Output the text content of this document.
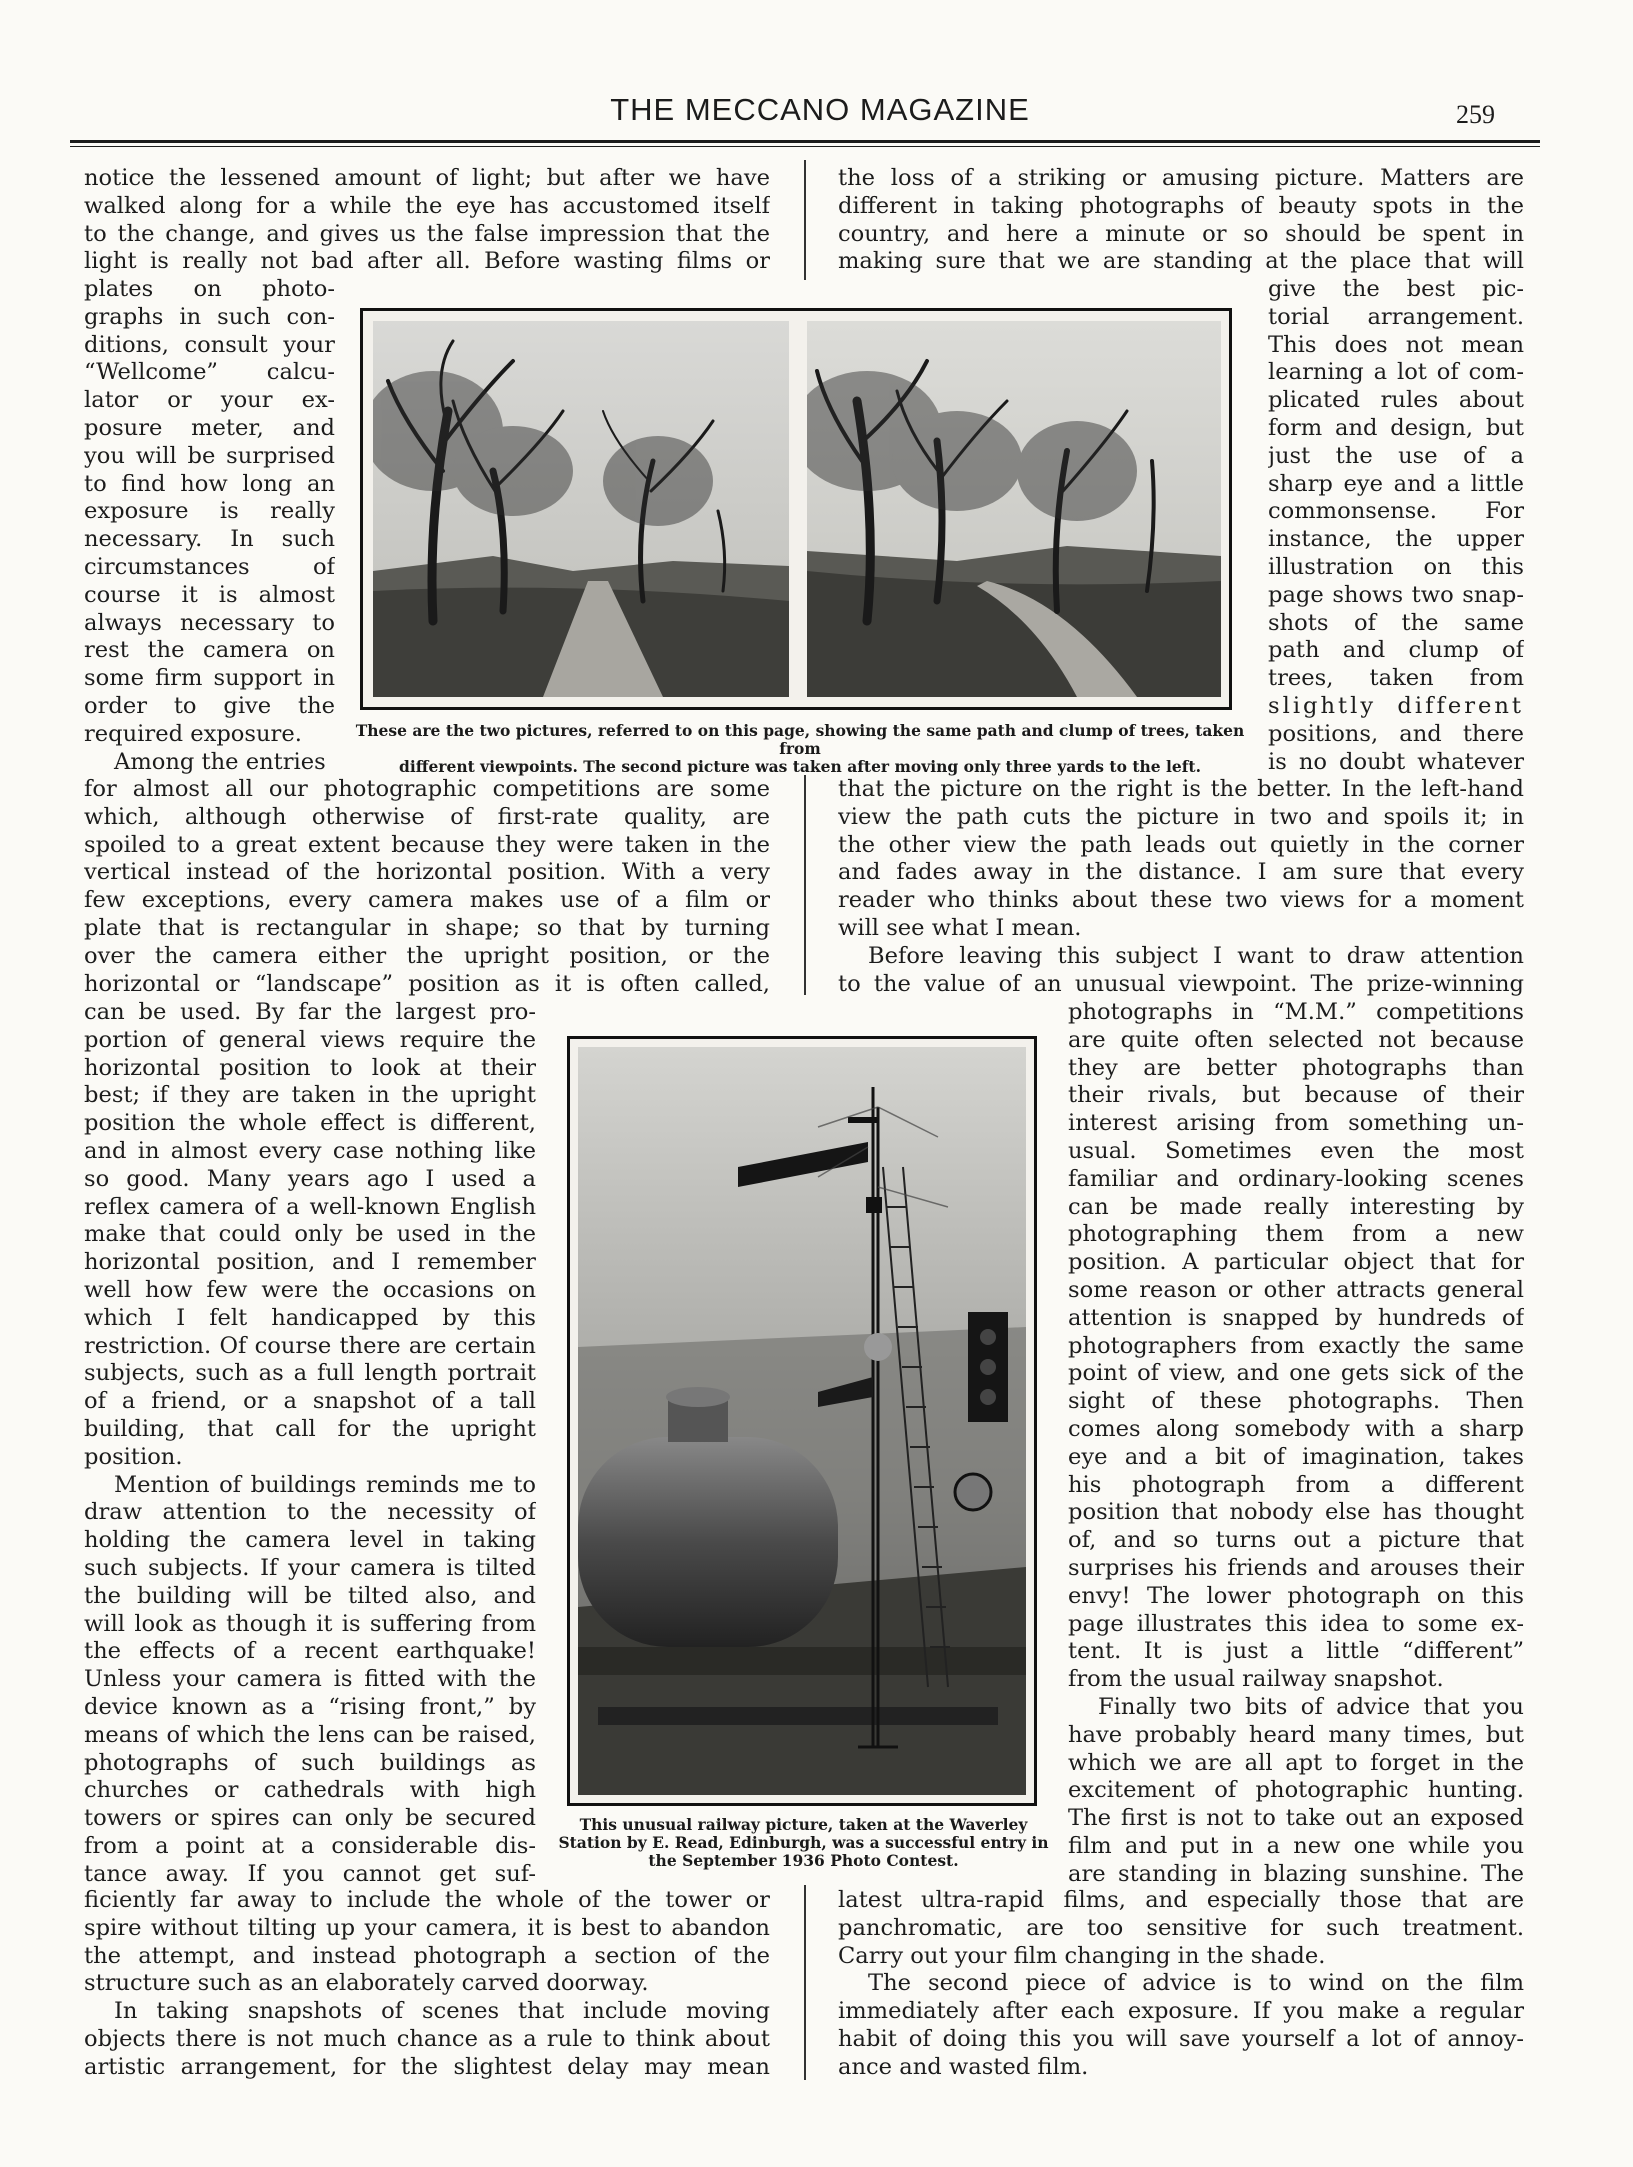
THE MECCANO MAGAZINE	259
notice the lessened amount of light; but after we have
walked along for a while the eye has accustomed itself
to the change, and gives us the false impression that the
light is really not bad after all. Before wasting films or
plates on photo-
graphs in such con-
ditions, consult your
“Wellcome” calcu-
lator or your ex-
posure meter, and
you will be surprised
to find how long an
exposure is really
necessary. In such
circumstances of
course it is almost
always necessary to
rest the camera on
some firm support in
order to give the
required exposure.
Among the entries
for almost all our photographic competitions are some
which, although otherwise of first-rate quality, are
spoiled to a great extent because they were taken in the
vertical instead of the horizontal position. With a very
few exceptions, every camera makes use of a film or
plate that is rectangular in shape; so that by turning
over the camera either the upright position, or the
horizontal or “landscape” position as it is often called,
can be used. By far the largest pro-
portion of general views require the
horizontal position to look at their
best; if they are taken in the upright
position the whole effect is different,
and in almost every case nothing like
so good. Many years ago I used a
reflex camera of a well-known English
make that could only be used in the
horizontal position, and I remember
well how few were the occasions on
which I felt handicapped by this
restriction. Of course there are certain
subjects, such as a full length portrait
of a friend, or a snapshot of a tall
building, that call for the upright
position.
Mention of buildings reminds me to
draw attention to the necessity of
holding the camera level in taking
such subjects. If your camera is tilted
the building will be tilted also, and
will look as though it is suffering from
the effects of a recent earthquake!
Unless your camera is fitted with the
device known as a “rising front,” by
means of which the lens can be raised,
photographs of such buildings as
churches or cathedrals with high
towers or spires can only be secured
from a point at a considerable dis-
tance away. If you cannot get suf-
ficiently far away to include the whole of the tower or
spire without tilting up your camera, it is best to abandon
the attempt, and instead photograph a section of the
structure such as an elaborately carved doorway.
In taking snapshots of scenes that include moving
objects there is not much chance as a rule to think about
artistic arrangement, for the slightest delay may mean
the loss of a striking or amusing picture. Matters are
different in taking photographs of beauty spots in the
country, and here a minute or so should be spent in
making sure that we are standing at the place that will
give the best pic-
torial arrangement.
This does not mean
learning a lot of com-
plicated rules about
form and design, but
just the use of a
sharp eye and a little
commonsense. For
instance, the upper
illustration on this
page shows two snap-
shots of the same
path and clump of
trees, taken from
slightly different
positions, and there
is no doubt whatever
that the picture on the right is the better. In the left-hand
view the path cuts the picture in two and spoils it; in
the other view the path leads out quietly in the corner
and fades away in the distance. I am sure that every
reader who thinks about these two views for a moment
will see what I mean.
Before leaving this subject I want to draw attention
to the value of an unusual viewpoint. The prize-winning
photographs in “M.M.” competitions
are quite often selected not because
they are better photographs than
their rivals, but because of their
interest arising from something un-
usual. Sometimes even the most
familiar and ordinary-looking scenes
can be made really interesting by
photographing them from a new
position. A particular object that for
some reason or other attracts general
attention is snapped by hundreds of
photographers from exactly the same
point of view, and one gets sick of the
sight of these photographs. Then
comes along somebody with a sharp
eye and a bit of imagination, takes
his photograph from a different
position that nobody else has thought
of, and so turns out a picture that
surprises his friends and arouses their
envy! The lower photograph on this
page illustrates this idea to some ex-
tent. It is just a little “different”
from the usual railway snapshot.
Finally two bits of advice that you
have probably heard many times, but
which we are all apt to forget in the
excitement of photographic hunting.
The first is not to take out an exposed
film and put in a new one while you
are standing in blazing sunshine. The
latest ultra-rapid films, and especially those that are
panchromatic, are too sensitive for such treatment.
Carry out your film changing in the shade.
The second piece of advice is to wind on the film
immediately after each exposure. If you make a regular
habit of doing this you will save yourself a lot of annoy-
ance and wasted film.
These are the two pictures, referred to on this page, showing the same path and clump of trees, taken from
different viewpoints. The second picture was taken after moving only three yards to the left.
This unusual railway picture, taken at the Waverley
Station by E. Read, Edinburgh, was a successful entry in
the September 1936 Photo Contest.
